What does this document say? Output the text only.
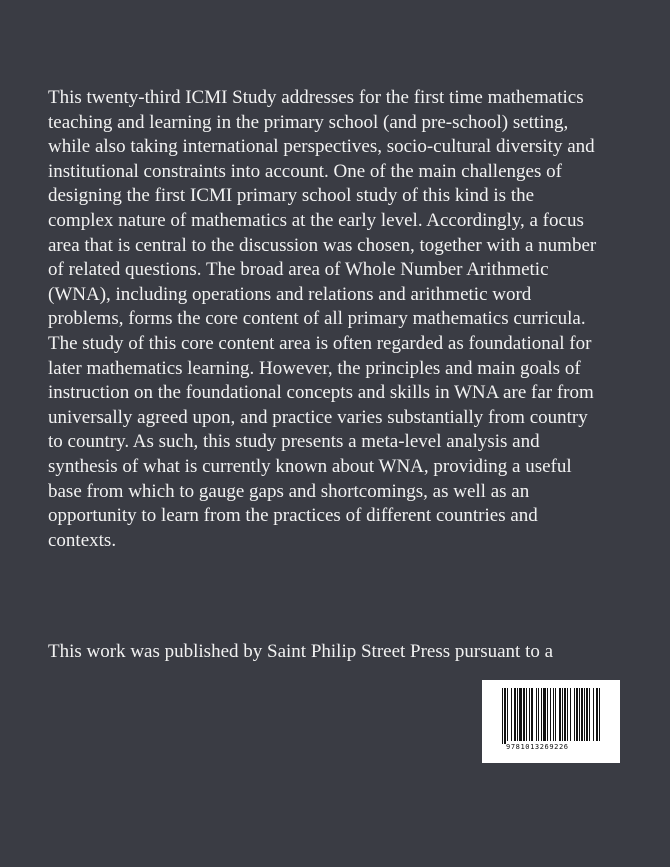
This twenty-third ICMI Study addresses for the first time mathematics
teaching and learning in the primary school (and pre-school) setting,
while also taking international perspectives, socio-cultural diversity and
institutional constraints into account. One of the main challenges of
designing the first ICMI primary school study of this kind is the
complex nature of mathematics at the early level. Accordingly, a focus
area that is central to the discussion was chosen, together with a number
of related questions. The broad area of Whole Number Arithmetic
(WNA), including operations and relations and arithmetic word
problems, forms the core content of all primary mathematics curricula.
The study of this core content area is often regarded as foundational for
later mathematics learning. However, the principles and main goals of
instruction on the foundational concepts and skills in WNA are far from
universally agreed upon, and practice varies substantially from country
to country. As such, this study presents a meta-level analysis and
synthesis of what is currently known about WNA, providing a useful
base from which to gauge gaps and shortcomings, as well as an
opportunity to learn from the practices of different countries and
contexts.
This work was published by Saint Philip Street Press pursuant to a
9781013269226
